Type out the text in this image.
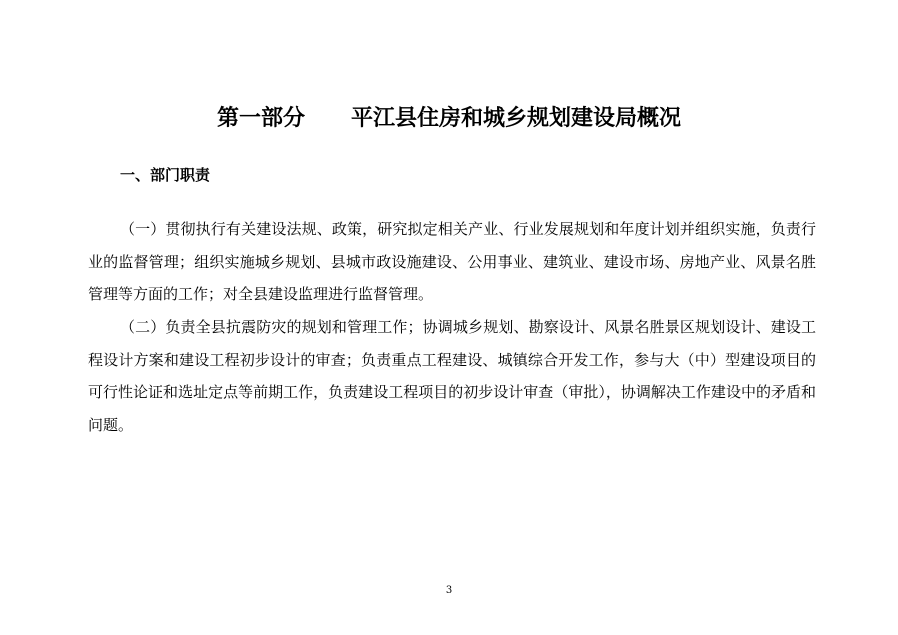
第一部分 平江县住房和城乡规划建设局概况
一、部门职责

（一）贯彻执行有关建设法规、政策，研究拟定相关产业、行业发展规划和年度计划并组织实施，负责行业的监督管理；组织实施城乡规划、县城市政设施建设、公用事业、建筑业、建设市场、房地产业、风景名胜管理等方面的工作；对全县建设监理进行监督管理。

（二）负责全县抗震防灾的规划和管理工作；协调城乡规划、勘察设计、风景名胜景区规划设计、建设工程设计方案和建设工程初步设计的审查；负责重点工程建设、城镇综合开发工作，参与大（中）型建设项目的可行性论证和选址定点等前期工作，负责建设工程项目的初步设计审查（审批），协调解决工作建设中的矛盾和问题。

3
